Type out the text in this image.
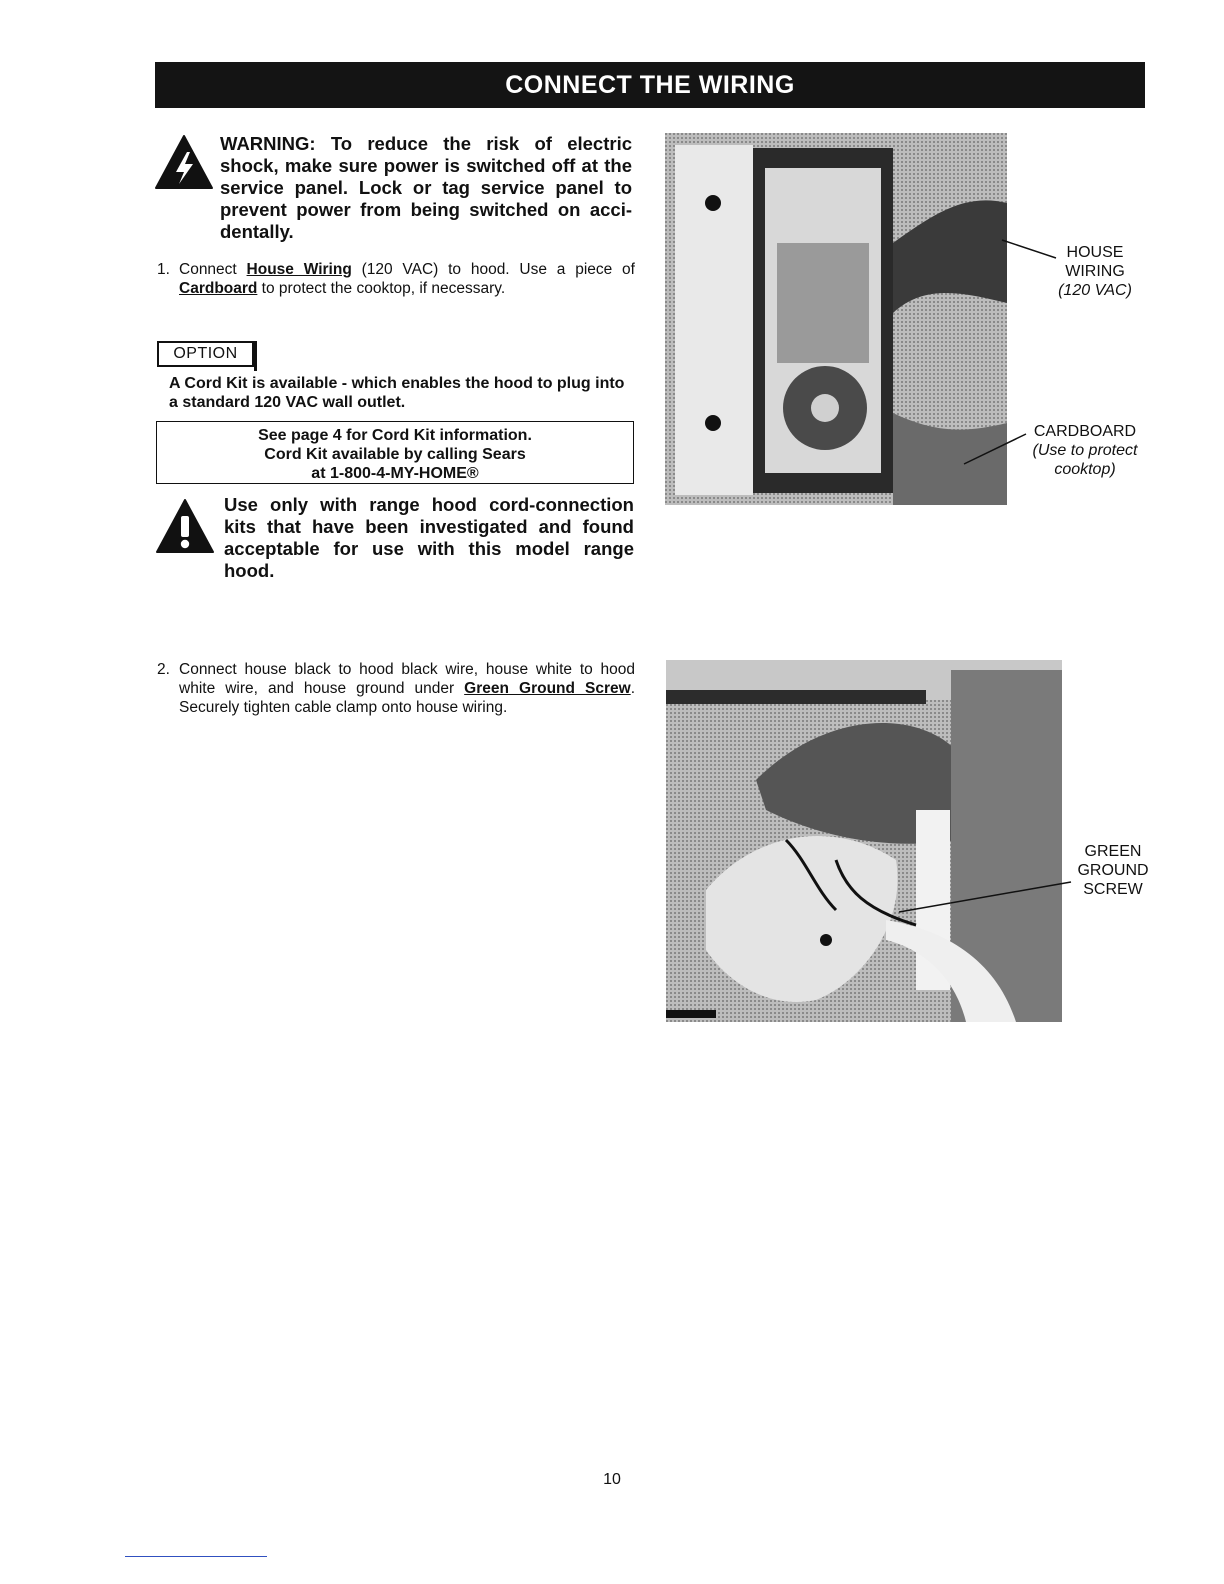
CONNECT THE WIRING
WARNING: To reduce the risk of electric shock, make sure power is switched off at the service panel. Lock or tag service panel to prevent power from being switched on acci- dentally.
1. Connect House Wiring (120 VAC) to hood. Use a piece of Cardboard to protect the cooktop, if necessary.
OPTION
A Cord Kit is available - which enables the hood to plug into a standard 120 VAC wall outlet.
See page 4 for Cord Kit information.
Cord Kit available by calling Sears
at 1-800-4-MY-HOME®
Use only with range hood cord-connection kits that have been investigated and found acceptable for use with this model range hood.
2. Connect house black to hood black wire, house white to hood white wire, and house ground under Green Ground Screw. Securely tighten cable clamp onto house wiring.
HOUSE
WIRING
(120 VAC)
CARDBOARD
(Use to protect
cooktop)
GREEN
GROUND
SCREW
10
